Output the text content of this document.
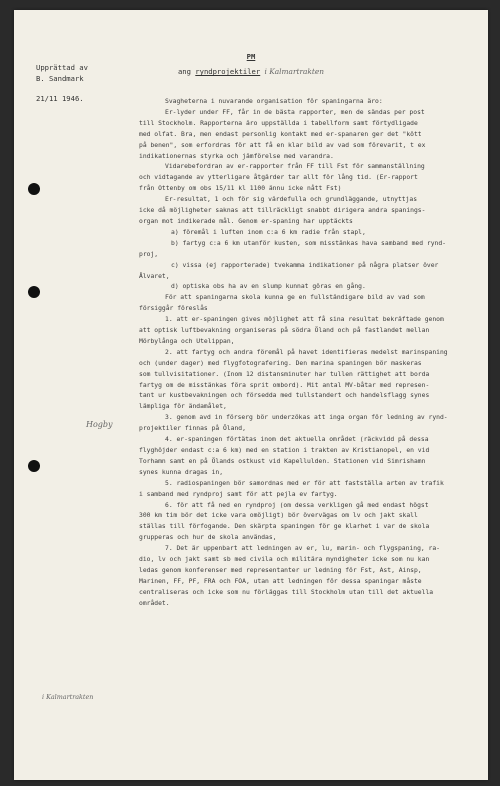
Upprättad av
B. Sandmark
21/11 1946.
PM
ang ryndprojektiler i Kalmartrakten
Hogby
i Kalmartrakten
Svagheterna i nuvarande organisation för spaningarna äro:
Er-lyder under FF, får in de bästa rapporter, men de sändas per post
till Stockholm. Rapporterna äro uppställda i tabellform samt förtydligade
med olfat. Bra, men endast personlig kontakt med er-spanaren ger det "kött
på benen", som erfordras för att få en klar bild av vad som förevarit, t ex
indikationernas styrka och jämförelse med varandra.
Vidarebefordran av er-rapporter från FF till Fst för sammanställning
och vidtagande av ytterligare åtgärder tar allt för lång tid. (Er-rapport
från Ottenby om obs 15/11 kl 1100 ännu icke nått Fst)
Er-resultat, 1 och för sig värdefulla och grundläggande, utnyttjas
icke då möjligheter saknas att tillräckligt snabbt dirigera andra spanings-
organ mot indikerade mål. Genom er-spaning har upptäckts
a) föremål i luften inom c:a 6 km radie från stapl,
b) fartyg c:a 6 km utanför kusten, som misstänkas hava samband med rynd-
proj,
c) vissa (ej rapporterade) tvekamma indikationer på några platser över
Ålvaret,
d) optiska obs ha av en slump kunnat göras en gång.
För att spaningarna skola kunna ge en fullständigare bild av vad som
försiggår föreslås
1. att er-spaningen gives möjlighet att få sina resultat bekräftade genom
att optisk luftbevakning organiseras på södra Öland och på fastlandet mellan
Mörbylånga och Utelippan,
2. att fartyg och andra föremål på havet identifieras medelst marinspaning
och (under dager) med flygfotografering. Den marina spaningen bör maskeras
som tullvisitationer. (Inom 12 distansminuter har tullen rättighet att borda
fartyg om de misstänkas föra sprit ombord). Mit antal MV-båtar med represen-
tant ur kustbevakningen och försedda med tullstandert och handelsflagg synes
lämpliga för ändamålet,
3. genom avd in förserg bör underzökas att inga organ för ledning av rynd-
projektiler finnas på Öland,
4. er-spaningen förtätas inom det aktuella området (räckvidd på dessa
flyghöjder endast c:a 6 km) med en station i trakten av Kristianopel, en vid
Torhamn samt en på Ölands ostkust vid Kapellulden. Stationen vid Simrishamn
synes kunna dragas in,
5. radiospaningen bör samordnas med er för att fastställa arten av trafik
i samband med ryndproj samt för att pejla ev fartyg.
6. för att få ned en ryndproj (om dessa verkligen gå med endast högst
300 km tim bör det icke vara omöjligt) bör övervägas om lv och jakt skall
ställas till förfogande. Den skärpta spaningen för ge klarhet i var de skola
grupperas och hur de skola användas,
7. Det är uppenbart att ledningen av er, lu, marin- och flygspaning, ra-
dio, lv och jakt samt sb med civila och militära myndigheter icke som nu kan
ledas genom konferenser med representanter ur ledning för Fst, Ast, Ainsp,
Marinen, FF, PF, FRA och FOA, utan att ledningen för dessa spaningar måste
centraliseras och icke som nu förläggas till Stockholm utan till det aktuella
området.
